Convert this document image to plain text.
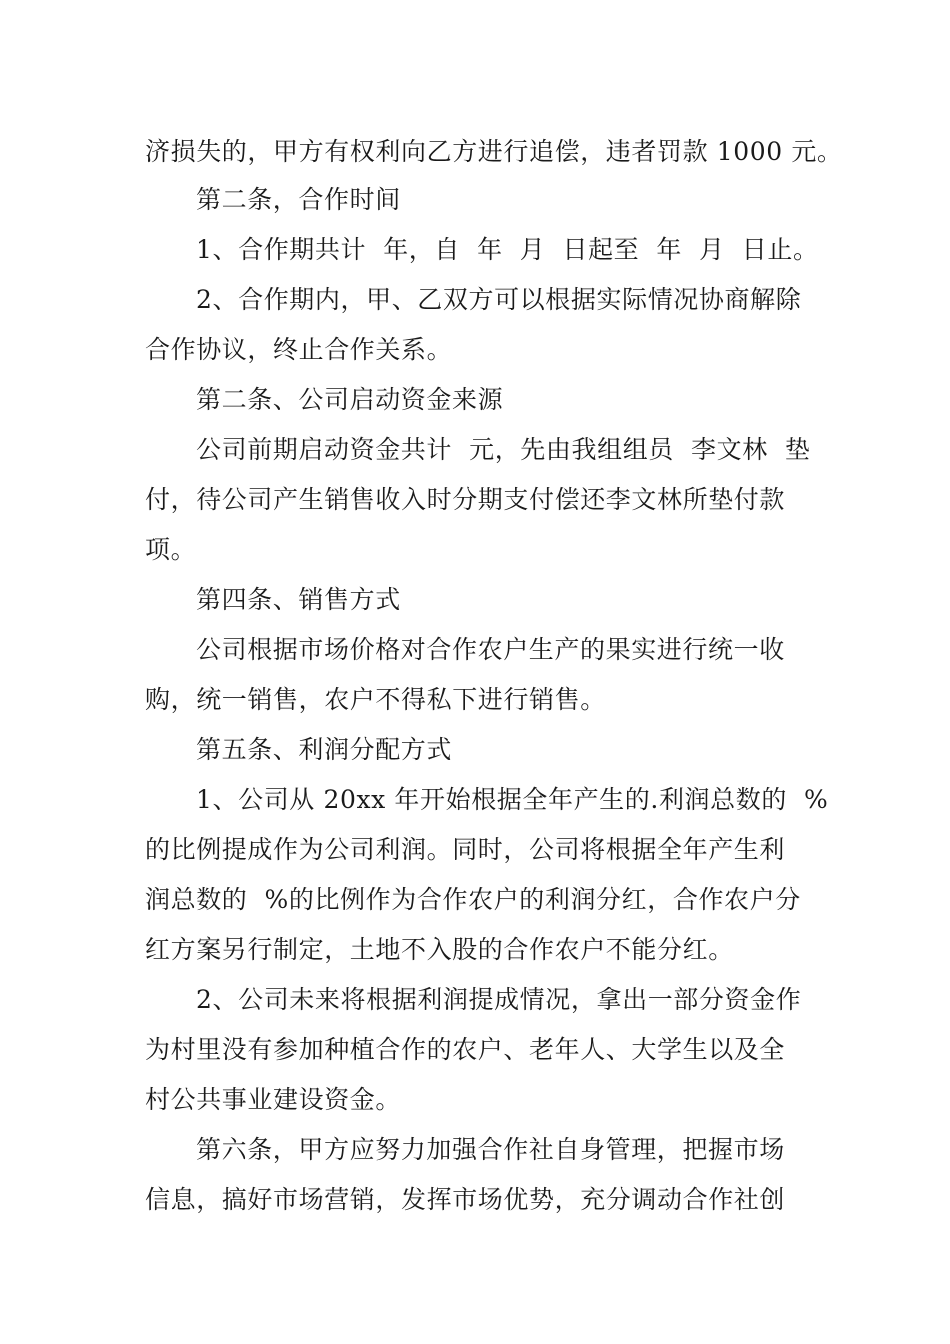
济损失的，甲方有权利向乙方进行追偿，违者罚款 1000 元。
第二条，合作时间
1、合作期共计  年，自  年  月  日起至  年  月  日止。
2、合作期内，甲、乙双方可以根据实际情况协商解除
合作协议，终止合作关系。
第二条、公司启动资金来源
公司前期启动资金共计  元，先由我组组员  李文林  垫
付，待公司产生销售收入时分期支付偿还李文林所垫付款
项。
第四条、销售方式
公司根据市场价格对合作农户生产的果实进行统一收
购，统一销售，农户不得私下进行销售。
第五条、利润分配方式
1、公司从 20xx 年开始根据全年产生的.利润总数的  %
的比例提成作为公司利润。同时，公司将根据全年产生利
润总数的  %的比例作为合作农户的利润分红，合作农户分
红方案另行制定，土地不入股的合作农户不能分红。
2、公司未来将根据利润提成情况，拿出一部分资金作
为村里没有参加种植合作的农户、老年人、大学生以及全
村公共事业建设资金。
第六条，甲方应努力加强合作社自身管理，把握市场
信息，搞好市场营销，发挥市场优势，充分调动合作社创
